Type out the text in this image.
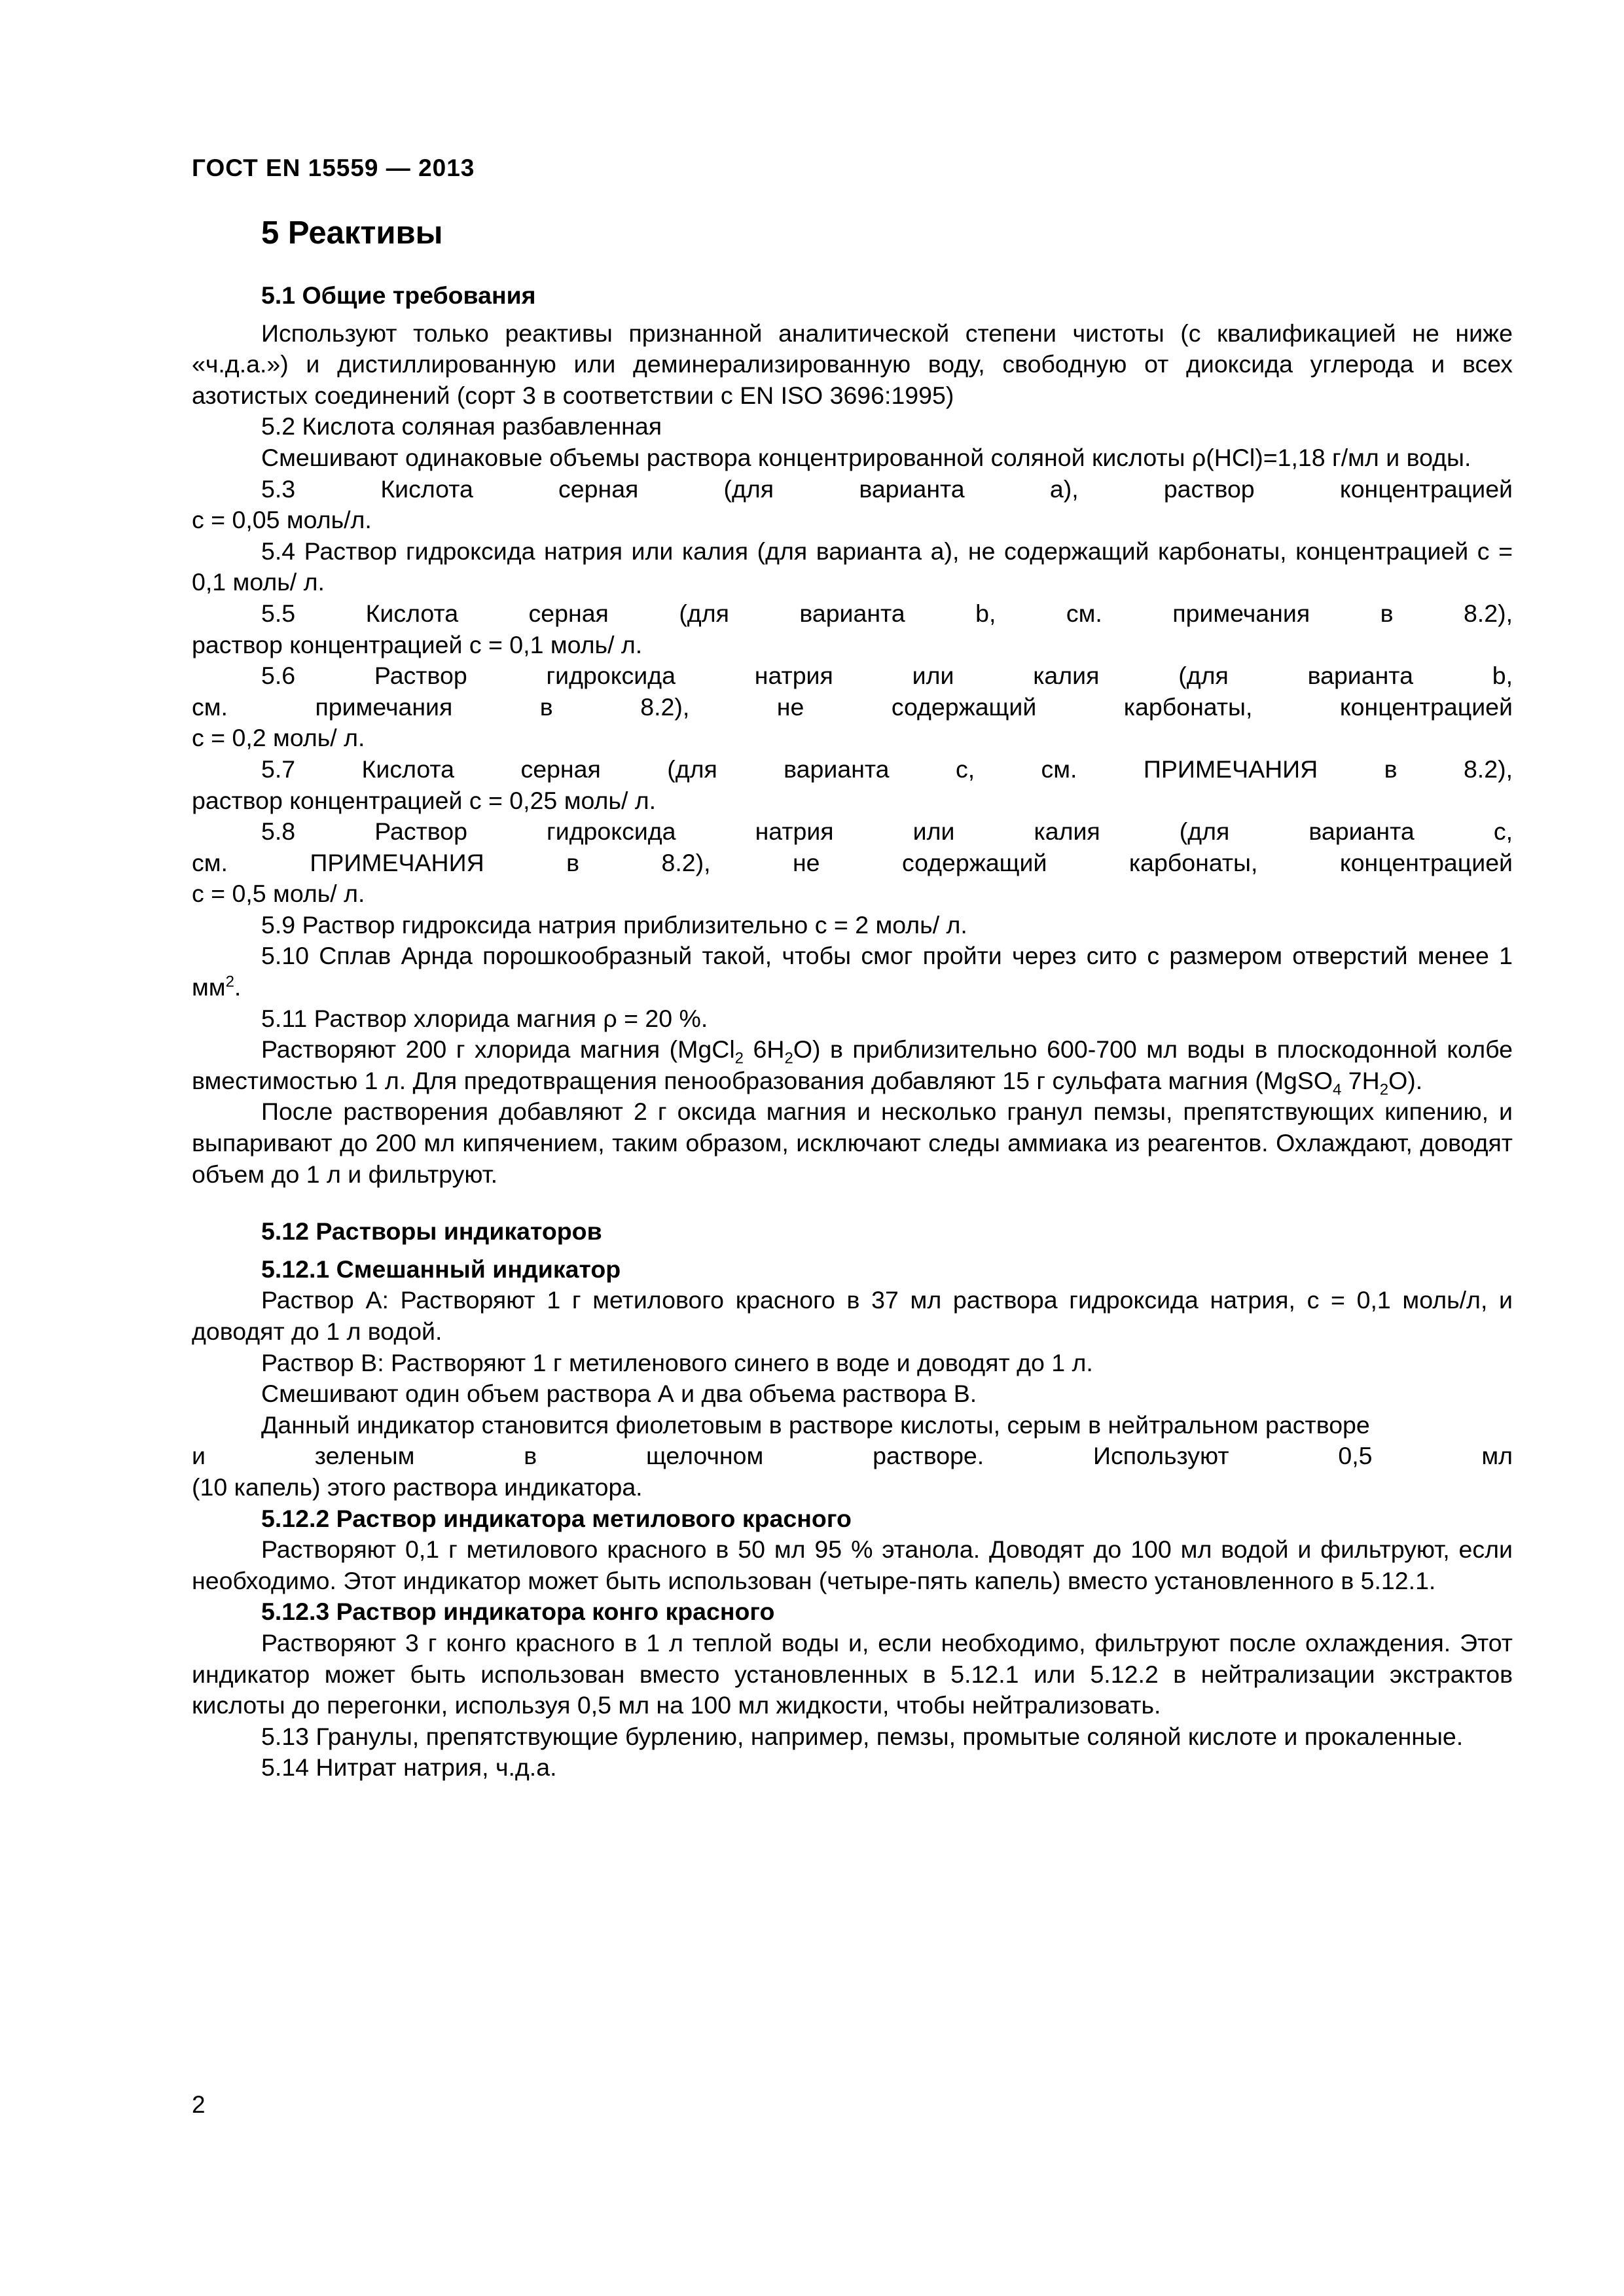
ГОСТ EN 15559 — 2013
5 Реактивы
5.1 Общие требования

Используют только реактивы признанной аналитической степени чистоты (с квалификацией не ниже «ч.д.а.») и дистиллированную или деминерализированную воду, свободную от диоксида углерода и всех азотистых соединений (сорт 3 в соответствии с EN ISO 3696:1995)

5.2 Кислота соляная разбавленная

Смешивают одинаковые объемы раствора концентрированной соляной кислоты ρ(HCl)=1,18 г/мл и воды.

5.3 Кислота серная (для варианта а), раствор концентрацией

с = 0,05 моль/л.

5.4 Раствор гидроксида натрия или калия (для варианта а), не содержащий карбонаты, концентрацией с = 0,1 моль/ л.

5.5 Кислота серная (для варианта b, см. примечания в 8.2),

раствор концентрацией с = 0,1 моль/ л.

5.6 Раствор гидроксида натрия или калия (для варианта b,

см. примечания в 8.2), не содержащий карбонаты, концентрацией

с = 0,2 моль/ л.

5.7 Кислота серная (для варианта с, см. ПРИМЕЧАНИЯ в 8.2),

раствор концентрацией с = 0,25 моль/ л.

5.8 Раствор гидроксида натрия или калия (для варианта с,

см. ПРИМЕЧАНИЯ в 8.2), не содержащий карбонаты, концентрацией

с = 0,5 моль/ л.

5.9 Раствор гидроксида натрия приблизительно с = 2 моль/ л.

5.10 Сплав Арнда порошкообразный такой, чтобы смог пройти через сито с размером отверстий менее 1 $мм^2$.

5.11 Раствор хлорида магния ρ = 20 %.

Растворяют 200 г хлорида магния (MgCl$_2$ $6H_2O$) в приблизительно 600-700 мл воды в плоскодонной колбе вместимостью 1 л. Для предотвращения пенообразования добавляют 15 г сульфата магния (MgSO$_4$ $7H_2O$).

После растворения добавляют 2 г оксида магния и несколько гранул пемзы, препятствующих кипению, и выпаривают до 200 мл кипячением, таким образом, исключают следы аммиака из реагентов. Охлаждают, доводят объем до 1 л и фильтруют.

5.12 Растворы индикаторов
5.12.1 Смешанный индикатор

Раствор А: Растворяют 1 г метилового красного в 37 мл раствора гидроксида натрия, с = 0,1 моль/л, и доводят до 1 л водой.

Раствор В: Растворяют 1 г метиленового синего в воде и доводят до 1 л.

Смешивают один объем раствора А и два объема раствора В.

Данный индикатор становится фиолетовым в растворе кислоты, серым в нейтральном растворе

и зеленым в щелочном растворе. Используют 0,5 мл

(10 капель) этого раствора индикатора.

5.12.2 Раствор индикатора метилового красного

Растворяют 0,1 г метилового красного в 50 мл 95 % этанола. Доводят до 100 мл водой и фильтруют, если необходимо. Этот индикатор может быть использован (четыре-пять капель) вместо установленного в 5.12.1.

5.12.3 Раствор индикатора конго красного

Растворяют 3 г конго красного в 1 л теплой воды и, если необходимо, фильтруют после охлаждения. Этот индикатор может быть использован вместо установленных в 5.12.1 или 5.12.2 в нейтрализации экстрактов кислоты до перегонки, используя 0,5 мл на 100 мл жидкости, чтобы нейтрализовать.

5.13 Гранулы, препятствующие бурлению, например, пемзы, промытые соляной кислоте и прокаленные.

5.14 Нитрат натрия, ч.д.а.

2
